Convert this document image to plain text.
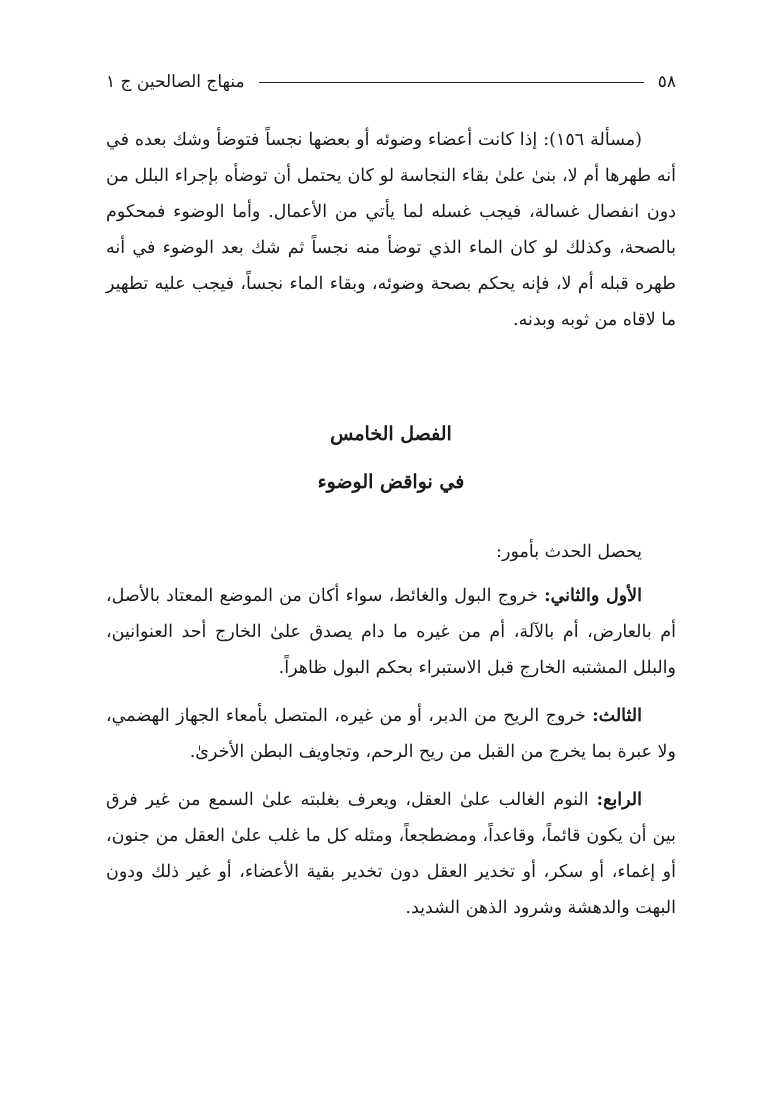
٥٨
منهاج الصالحين ج ١

(مسألة ١٥٦): إذا كانت أعضاء وضوئه أو بعضها نجساً فتوضأ وشك بعده في أنه طهرها أم لا، بنىٰ علىٰ بقاء النجاسة لو كان يحتمل أن توضأه بإجراء البلل من دون انفصال غسالة، فيجب غسله لما يأتي من الأعمال. وأما الوضوء فمحكوم بالصحة، وكذلك لو كان الماء الذي توضأ منه نجساً ثم شك بعد الوضوء في أنه طهره قبله أم لا، فإنه يحكم بصحة وضوئه، وبقاء الماء نجساً، فيجب عليه تطهير ما لاقاه من ثوبه وبدنه.

الفصل الخامس
في نواقض الوضوء

يحصل الحدث بأمور:

الأول والثاني: خروج البول والغائط، سواء أكان من الموضع المعتاد بالأصل، أم بالعارض، أم بالآلة، أم من غيره ما دام يصدق علىٰ الخارج أحد العنوانين، والبلل المشتبه الخارج قبل الاستبراء بحكم البول ظاهراً.

الثالث: خروج الريح من الدبر، أو من غيره، المتصل بأمعاء الجهاز الهضمي، ولا عبرة بما يخرج من القبل من ريح الرحم، وتجاويف البطن الأخرىٰ.

الرابع: النوم الغالب علىٰ العقل، ويعرف بغلبته علىٰ السمع من غير فرق بين أن يكون قائماً، وقاعداً، ومضطجعاً، ومثله كل ما غلب علىٰ العقل من جنون، أو إغماء، أو سكر، أو تخدير العقل دون تخدير بقية الأعضاء، أو غير ذلك ودون البهت والدهشة وشرود الذهن الشديد.
